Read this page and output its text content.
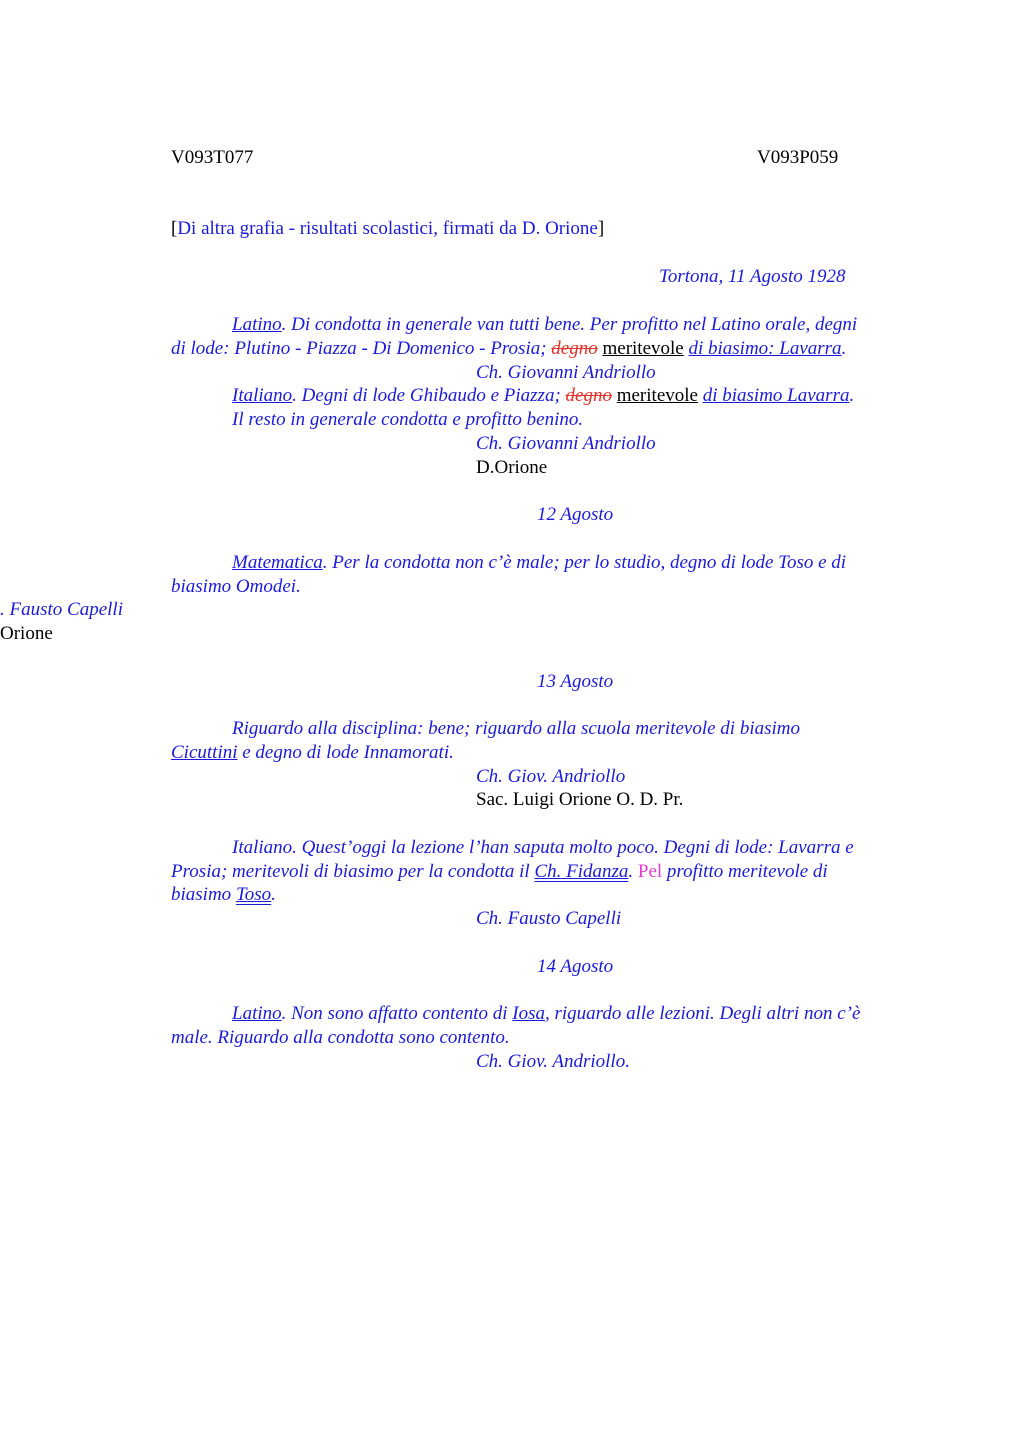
V093T077	V093P059
[Di altra grafia - risultati scolastici, firmati da D. Orione]
Tortona, 11 Agosto 1928
Latino. Di condotta in generale van tutti bene. Per profitto nel Latino orale, degni
di lode: Plutino - Piazza - Di Domenico - Prosia; degno meritevole di biasimo: Lavarra.
Ch. Giovanni Andriollo
Italiano. Degni di lode Ghibaudo e Piazza; degno meritevole di biasimo Lavarra.
Il resto in generale condotta e profitto benino.
Ch. Giovanni Andriollo
D.Orione
12 Agosto
Matematica. Per la condotta non c’è male; per lo studio, degno di lode Toso e di
biasimo Omodei.
. Fausto Capelli
Orione
13 Agosto
Riguardo alla disciplina: bene; riguardo alla scuola meritevole di biasimo
Cicuttini e degno di lode Innamorati.
Ch. Giov. Andriollo
Sac. Luigi Orione O. D. Pr.
Italiano. Quest’oggi la lezione l’han saputa molto poco. Degni di lode: Lavarra e
Prosia; meritevoli di biasimo per la condotta il Ch. Fidanza. Pel profitto meritevole di
biasimo Toso.
Ch. Fausto Capelli
14 Agosto
Latino. Non sono affatto contento di Iosa, riguardo alle lezioni. Degli altri non c’è
male. Riguardo alla condotta sono contento.
Ch. Giov. Andriollo.
